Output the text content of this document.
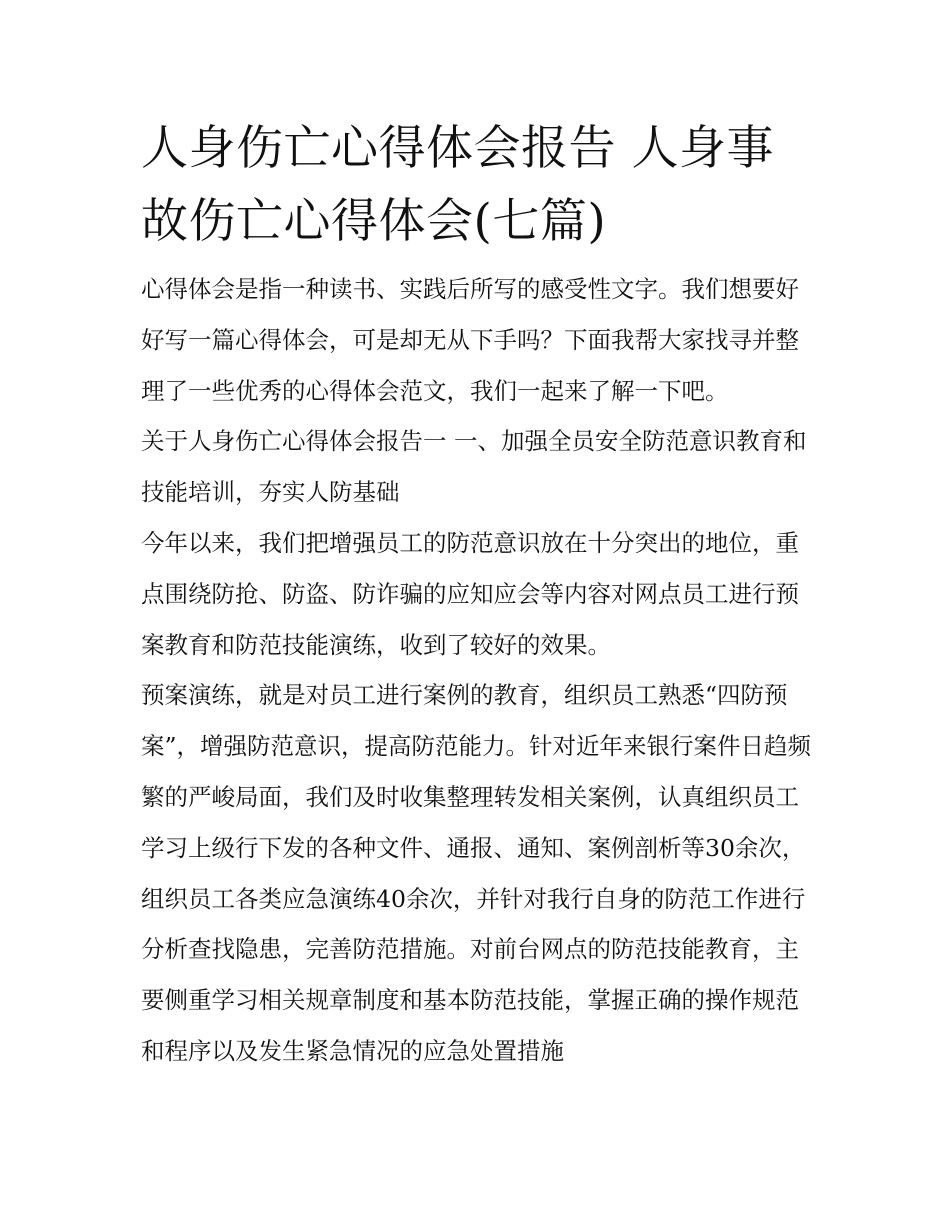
人身伤亡心得体会报告 人身事故伤亡心得体会(七篇)

心得体会是指一种读书、实践后所写的感受性文字。我们想要好好写一篇心得体会，可是却无从下手吗？下面我帮大家找寻并整理了一些优秀的心得体会范文，我们一起来了解一下吧。

关于人身伤亡心得体会报告一 一、加强全员安全防范意识教育和技能培训，夯实人防基础

今年以来，我们把增强员工的防范意识放在十分突出的地位，重点围绕防抢、防盗、防诈骗的应知应会等内容对网点员工进行预案教育和防范技能演练，收到了较好的效果。

预案演练，就是对员工进行案例的教育，组织员工熟悉“四防预案”，增强防范意识，提高防范能力。针对近年来银行案件日趋频繁的严峻局面，我们及时收集整理转发相关案例，认真组织员工学习上级行下发的各种文件、通报、通知、案例剖析等30余次，组织员工各类应急演练40余次，并针对我行自身的防范工作进行分析查找隐患，完善防范措施。对前台网点的防范技能教育，主要侧重学习相关规章制度和基本防范技能，掌握正确的操作规范和程序以及发生紧急情况的应急处置措施
